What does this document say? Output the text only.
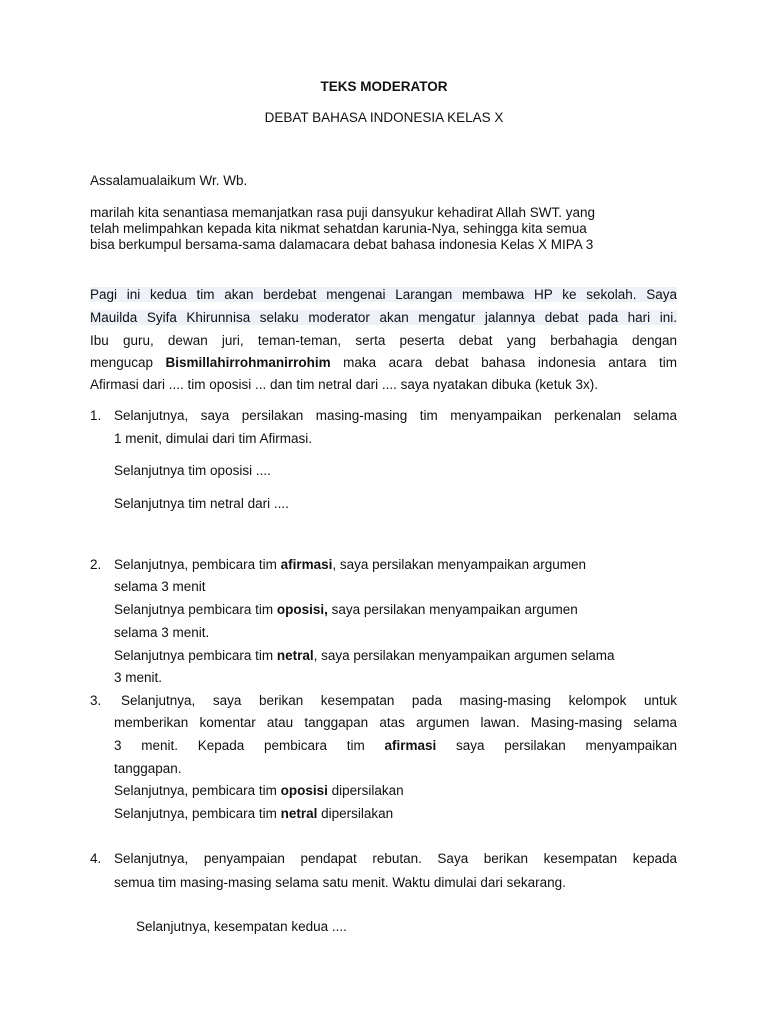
TEKS MODERATOR
DEBAT BAHASA INDONESIA KELAS X
Assalamualaikum Wr. Wb.
marilah kita senantiasa memanjatkan rasa puji dansyukur kehadirat Allah SWT. yang
telah melimpahkan kepada kita nikmat sehatdan karunia-Nya, sehingga kita semua
bisa berkumpul bersama-sama dalamacara debat bahasa indonesia Kelas X MIPA 3
Pagi ini kedua tim akan berdebat mengenai Larangan membawa HP ke sekolah. Saya
Mauilda Syifa Khirunnisa selaku moderator akan mengatur jalannya debat pada hari ini.
Ibu guru, dewan juri, teman-teman, serta peserta debat yang berbahagia dengan
mengucap Bismillahirrohmanirrohim maka acara debat bahasa indonesia antara tim
Afirmasi dari .... tim oposisi ... dan tim netral dari .... saya nyatakan dibuka (ketuk 3x).
1. Selanjutnya, saya persilakan masing-masing tim menyampaikan perkenalan selama
1 menit, dimulai dari tim Afirmasi.
Selanjutnya tim oposisi ....
Selanjutnya tim netral dari ....
2. Selanjutnya, pembicara tim afirmasi, saya persilakan menyampaikan argumen
selama 3 menit
Selanjutnya pembicara tim oposisi, saya persilakan menyampaikan argumen
selama 3 menit.
Selanjutnya pembicara tim netral, saya persilakan menyampaikan argumen selama
3 menit.
3. Selanjutnya, saya berikan kesempatan pada masing-masing kelompok untuk
memberikan komentar atau tanggapan atas argumen lawan. Masing-masing selama
3 menit. Kepada pembicara tim afirmasi saya persilakan menyampaikan
tanggapan.
Selanjutnya, pembicara tim oposisi dipersilakan
Selanjutnya, pembicara tim netral dipersilakan
4. Selanjutnya, penyampaian pendapat rebutan. Saya berikan kesempatan kepada
semua tim masing-masing selama satu menit. Waktu dimulai dari sekarang.
Selanjutnya, kesempatan kedua ....
